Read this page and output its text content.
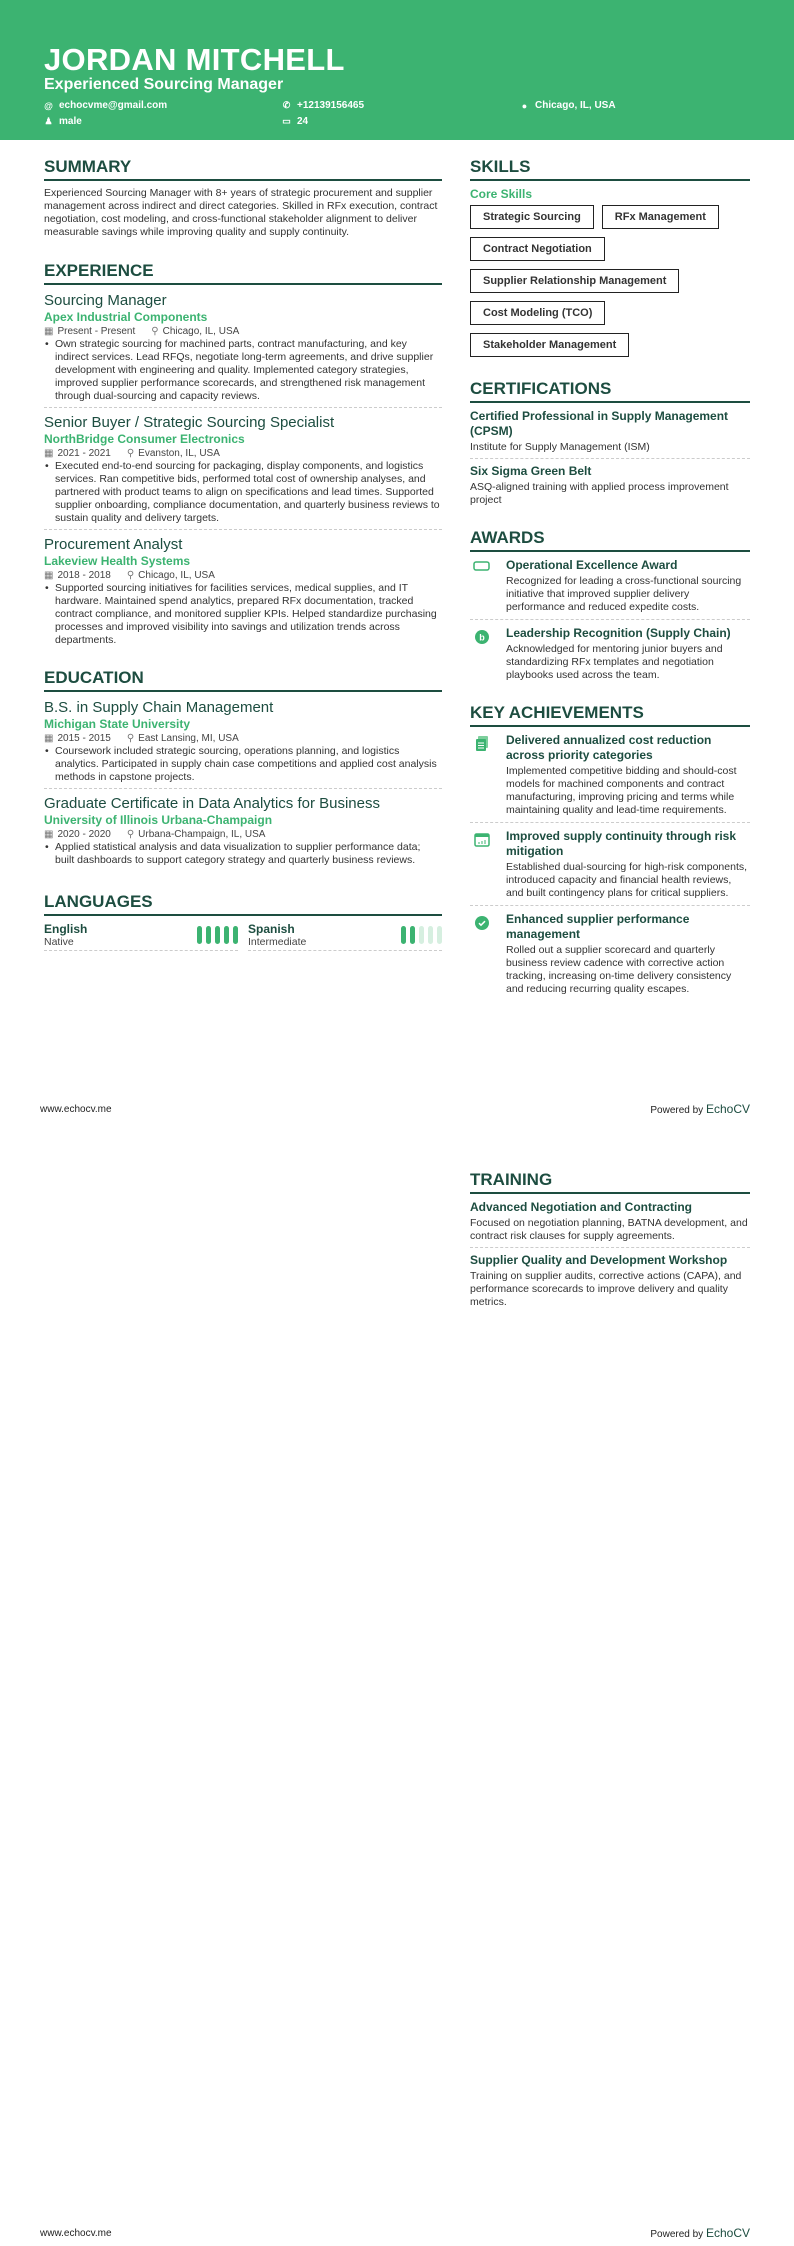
JORDAN MITCHELL
Experienced Sourcing Manager
@ echocvme@gmail.com	✆ +12139156465	● Chicago, IL, USA
♟ male	▭ 24
SUMMARY
Experienced Sourcing Manager with 8+ years of strategic procurement and supplier management across indirect and direct categories. Skilled in RFx execution, contract negotiation, cost modeling, and cross-functional stakeholder alignment to deliver measurable savings while improving quality and supply continuity.
EXPERIENCE
Sourcing Manager
Apex Industrial Components
▦ Present - Present ⚲ Chicago, IL, USA
• Own strategic sourcing for machined parts, contract manufacturing, and key indirect services. Lead RFQs, negotiate long-term agreements, and drive supplier development with engineering and quality. Implemented category strategies, improved supplier performance scorecards, and strengthened risk management through dual-sourcing and capacity reviews.
Senior Buyer / Strategic Sourcing Specialist
NorthBridge Consumer Electronics
▦ 2021 - 2021 ⚲ Evanston, IL, USA
• Executed end-to-end sourcing for packaging, display components, and logistics services. Ran competitive bids, performed total cost of ownership analyses, and partnered with product teams to align on specifications and lead times. Supported supplier onboarding, compliance documentation, and quarterly business reviews to sustain quality and delivery targets.
Procurement Analyst
Lakeview Health Systems
▦ 2018 - 2018 ⚲ Chicago, IL, USA
• Supported sourcing initiatives for facilities services, medical supplies, and IT hardware. Maintained spend analytics, prepared RFx documentation, tracked contract compliance, and monitored supplier KPIs. Helped standardize purchasing processes and improved visibility into savings and utilization trends across departments.
EDUCATION
B.S. in Supply Chain Management
Michigan State University
▦ 2015 - 2015 ⚲ East Lansing, MI, USA
• Coursework included strategic sourcing, operations planning, and logistics analytics. Participated in supply chain case competitions and applied cost analysis methods in capstone projects.
Graduate Certificate in Data Analytics for Business
University of Illinois Urbana-Champaign
▦ 2020 - 2020 ⚲ Urbana-Champaign, IL, USA
• Applied statistical analysis and data visualization to supplier performance data; built dashboards to support category strategy and quarterly business reviews.
LANGUAGES
English
Native
Spanish
Intermediate
SKILLS
Core Skills
Strategic Sourcing	RFx Management
Contract Negotiation
Supplier Relationship Management
Cost Modeling (TCO)
Stakeholder Management
CERTIFICATIONS
Certified Professional in Supply Management (CPSM)
Institute for Supply Management (ISM)
Six Sigma Green Belt
ASQ-aligned training with applied process improvement project
AWARDS
Operational Excellence Award
Recognized for leading a cross-functional sourcing initiative that improved supplier delivery performance and reduced expedite costs.
b Leadership Recognition (Supply Chain)
Acknowledged for mentoring junior buyers and standardizing RFx templates and negotiation playbooks used across the team.
KEY ACHIEVEMENTS
Delivered annualized cost reduction across priority categories
Implemented competitive bidding and should-cost models for machined components and contract manufacturing, improving pricing and terms while maintaining quality and lead-time requirements.
Improved supply continuity through risk mitigation
Established dual-sourcing for high-risk components, introduced capacity and financial health reviews, and built contingency plans for critical suppliers.
Enhanced supplier performance management
Rolled out a supplier scorecard and quarterly business review cadence with corrective action tracking, increasing on-time delivery consistency and reducing recurring quality escapes.
www.echocv.me	Powered by EchoCV
TRAINING
Advanced Negotiation and Contracting
Focused on negotiation planning, BATNA development, and contract risk clauses for supply agreements.
Supplier Quality and Development Workshop
Training on supplier audits, corrective actions (CAPA), and performance scorecards to improve delivery and quality metrics.
www.echocv.me	Powered by EchoCV
